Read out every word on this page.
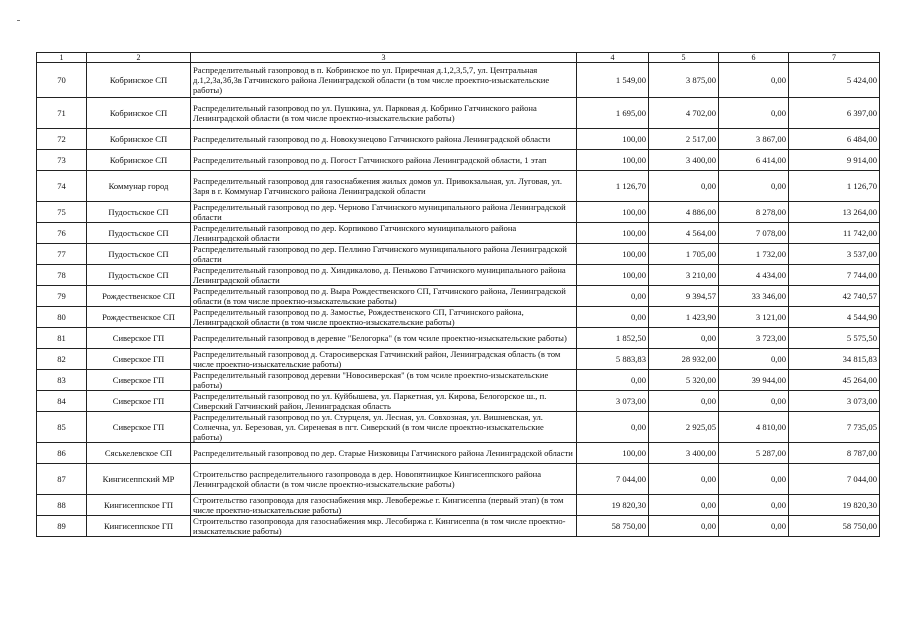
1	2	3	4	5	6	7
70	Кобринское СП	Распределительный газопровод в п. Кобринское по ул. Приречная д.1,2,3,5,7, ул. Центральная д.1,2,3а,3б,3в Гатчинского района Ленинградской области (в том числе проектно-изыскательские работы)	1 549,00	3 875,00	0,00	5 424,00
71	Кобринское СП	Распределительный газопровод по ул. Пушкина, ул. Парковая д. Кобрино Гатчинского района Ленинградской области (в том числе проектно-изыскательские работы)	1 695,00	4 702,00	0,00	6 397,00
72	Кобринское СП	Распределительный газопровод по д. Новокузнецово Гатчинского района Ленинградской области	100,00	2 517,00	3 867,00	6 484,00
73	Кобринское СП	Распределительный газопровод по д. Погост Гатчинского района Ленинградской области, 1 этап	100,00	3 400,00	6 414,00	9 914,00
74	Коммунар город	Распределительный газопровод для газоснабжения жилых домов ул. Привокзальная, ул. Луговая, ул. Заря в г. Коммунар Гатчинского района Ленинградской области	1 126,70	0,00	0,00	1 126,70
75	Пудостьское СП	Распределительный газопровод по дер. Черново Гатчинского муниципального района Ленинградской области	100,00	4 886,00	8 278,00	13 264,00
76	Пудостьское СП	Распределительный газопровод по дер. Корпиково Гатчинского муниципального района Ленинградской области	100,00	4 564,00	7 078,00	11 742,00
77	Пудостьское СП	Распределительный газопровод по дер. Пеллино Гатчинского муниципального района Ленинградской области	100,00	1 705,00	1 732,00	3 537,00
78	Пудостьское СП	Распределительный газопровод по д. Хиндикалово, д. Пеньково Гатчинского муниципального района Ленинградской области	100,00	3 210,00	4 434,00	7 744,00
79	Рождественское СП	Распределительный газопровод по д. Выра Рождественского СП, Гатчинского района, Ленинградской области (в том числе проектно-изыскательские работы)	0,00	9 394,57	33 346,00	42 740,57
80	Рождественское СП	Распределительный газопровод по д. Замостье, Рождественского СП, Гатчинского района, Ленинградской области (в том числе проектно-изыскательские работы)	0,00	1 423,90	3 121,00	4 544,90
81	Сиверское ГП	Распределительный газопровод в деревне "Белогорка" (в том чсиле проектно-изыскательские работы)	1 852,50	0,00	3 723,00	5 575,50
82	Сиверское ГП	Распределительный газопровод д. Старосиверская Гатчинский район, Ленинградская область (в том числе проектно-изыскательские работы)	5 883,83	28 932,00	0,00	34 815,83
83	Сиверское ГП	Распределительный газопровод деревни "Новосиверская" (в том чсиле проектно-изыскательские работы)	0,00	5 320,00	39 944,00	45 264,00
84	Сиверское ГП	Распределительный газопровод по ул. Куйбышева, ул. Паркетная, ул. Кирова, Белогорское ш., п. Сиверский Гатчинский район, Ленинградская область	3 073,00	0,00	0,00	3 073,00
85	Сиверское ГП	Распределительный газопровод по ул. Стурцеля, ул. Лесная, ул. Совхозная, ул. Вишневская, ул. Солнечна, ул. Березовая, ул. Сиреневая в пгт. Сиверский (в том числе проектно-изыскательские работы)	0,00	2 925,05	4 810,00	7 735,05
86	Сяськелевское СП	Распределительный газопровод по дер. Старые Низковицы Гатчинского района Ленинградской области	100,00	3 400,00	5 287,00	8 787,00
87	Кингисеппский МР	Строительство распределительного газопровода в дер. Новопятницкое Кингисеппского района Ленинградской области (в том числе проектно-изыскательские работы)	7 044,00	0,00	0,00	7 044,00
88	Кингисеппское ГП	Строительство газопровода для газоснабжения мкр. Левобережье г. Кингисеппа (первый этап) (в том числе проектно-изыскательские работы)	19 820,30	0,00	0,00	19 820,30
89	Кингисеппское ГП	Строительство газопровода для газоснабжения мкр. Лесобиржа г. Кингисеппа (в том числе проектно-изыскательские работы)	58 750,00	0,00	0,00	58 750,00
